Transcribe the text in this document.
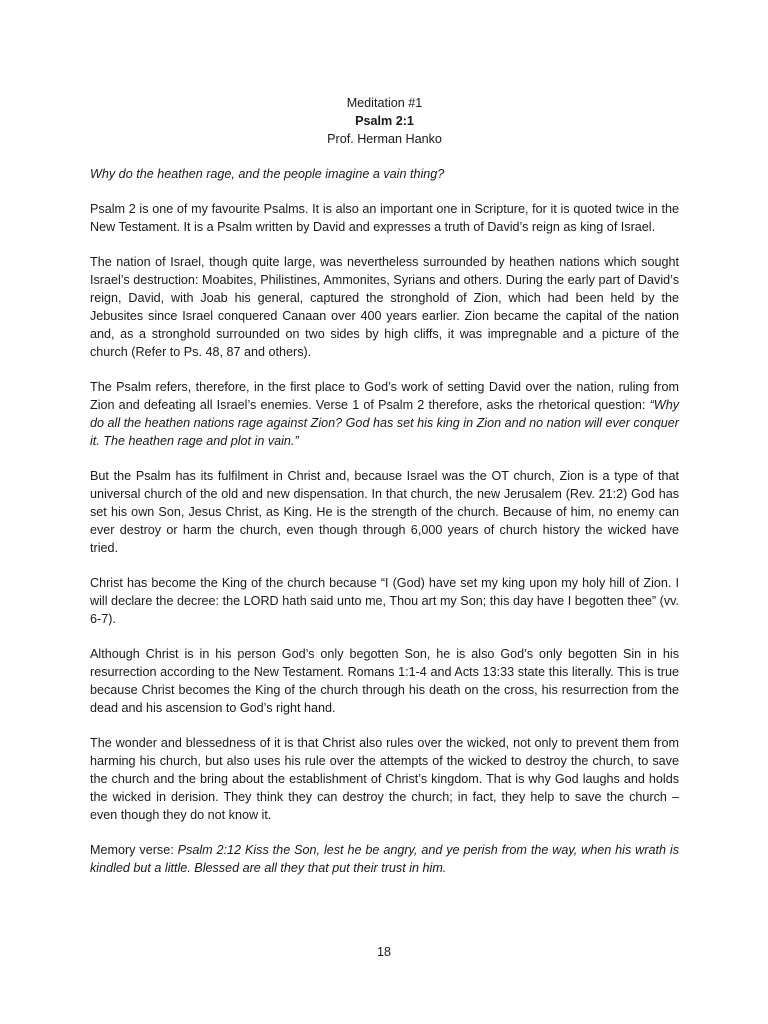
Meditation #1
Psalm 2:1
Prof. Herman Hanko

Why do the heathen rage, and the people imagine a vain thing?

Psalm 2 is one of my favourite Psalms. It is also an important one in Scripture, for it is quoted twice in the New Testament. It is a Psalm written by David and expresses a truth of David’s reign as king of Israel.

The nation of Israel, though quite large, was nevertheless surrounded by heathen nations which sought Israel’s destruction: Moabites, Philistines, Ammonites, Syrians and others. During the early part of David’s reign, David, with Joab his general, captured the stronghold of Zion, which had been held by the Jebusites since Israel conquered Canaan over 400 years earlier. Zion became the capital of the nation and, as a stronghold surrounded on two sides by high cliffs, it was impregnable and a picture of the church (Refer to Ps. 48, 87 and others).

The Psalm refers, therefore, in the first place to God’s work of setting David over the nation, ruling from Zion and defeating all Israel’s enemies. Verse 1 of Psalm 2 therefore, asks the rhetorical question: “Why do all the heathen nations rage against Zion? God has set his king in Zion and no nation will ever conquer it. The heathen rage and plot in vain.”

But the Psalm has its fulfilment in Christ and, because Israel was the OT church, Zion is a type of that universal church of the old and new dispensation. In that church, the new Jerusalem (Rev. 21:2) God has set his own Son, Jesus Christ, as King. He is the strength of the church. Because of him, no enemy can ever destroy or harm the church, even though through 6,000 years of church history the wicked have tried.

Christ has become the King of the church because “I (God) have set my king upon my holy hill of Zion. I will declare the decree: the LORD hath said unto me, Thou art my Son; this day have I begotten thee” (vv. 6-7).

Although Christ is in his person God’s only begotten Son, he is also God’s only begotten Sin in his resurrection according to the New Testament. Romans 1:1-4 and Acts 13:33 state this literally. This is true because Christ becomes the King of the church through his death on the cross, his resurrection from the dead and his ascension to God’s right hand.

The wonder and blessedness of it is that Christ also rules over the wicked, not only to prevent them from harming his church, but also uses his rule over the attempts of the wicked to destroy the church, to save the church and the bring about the establishment of Christ’s kingdom. That is why God laughs and holds the wicked in derision. They think they can destroy the church; in fact, they help to save the church – even though they do not know it.

Memory verse: Psalm 2:12 Kiss the Son, lest he be angry, and ye perish from the way, when his wrath is kindled but a little. Blessed are all they that put their trust in him.

18
